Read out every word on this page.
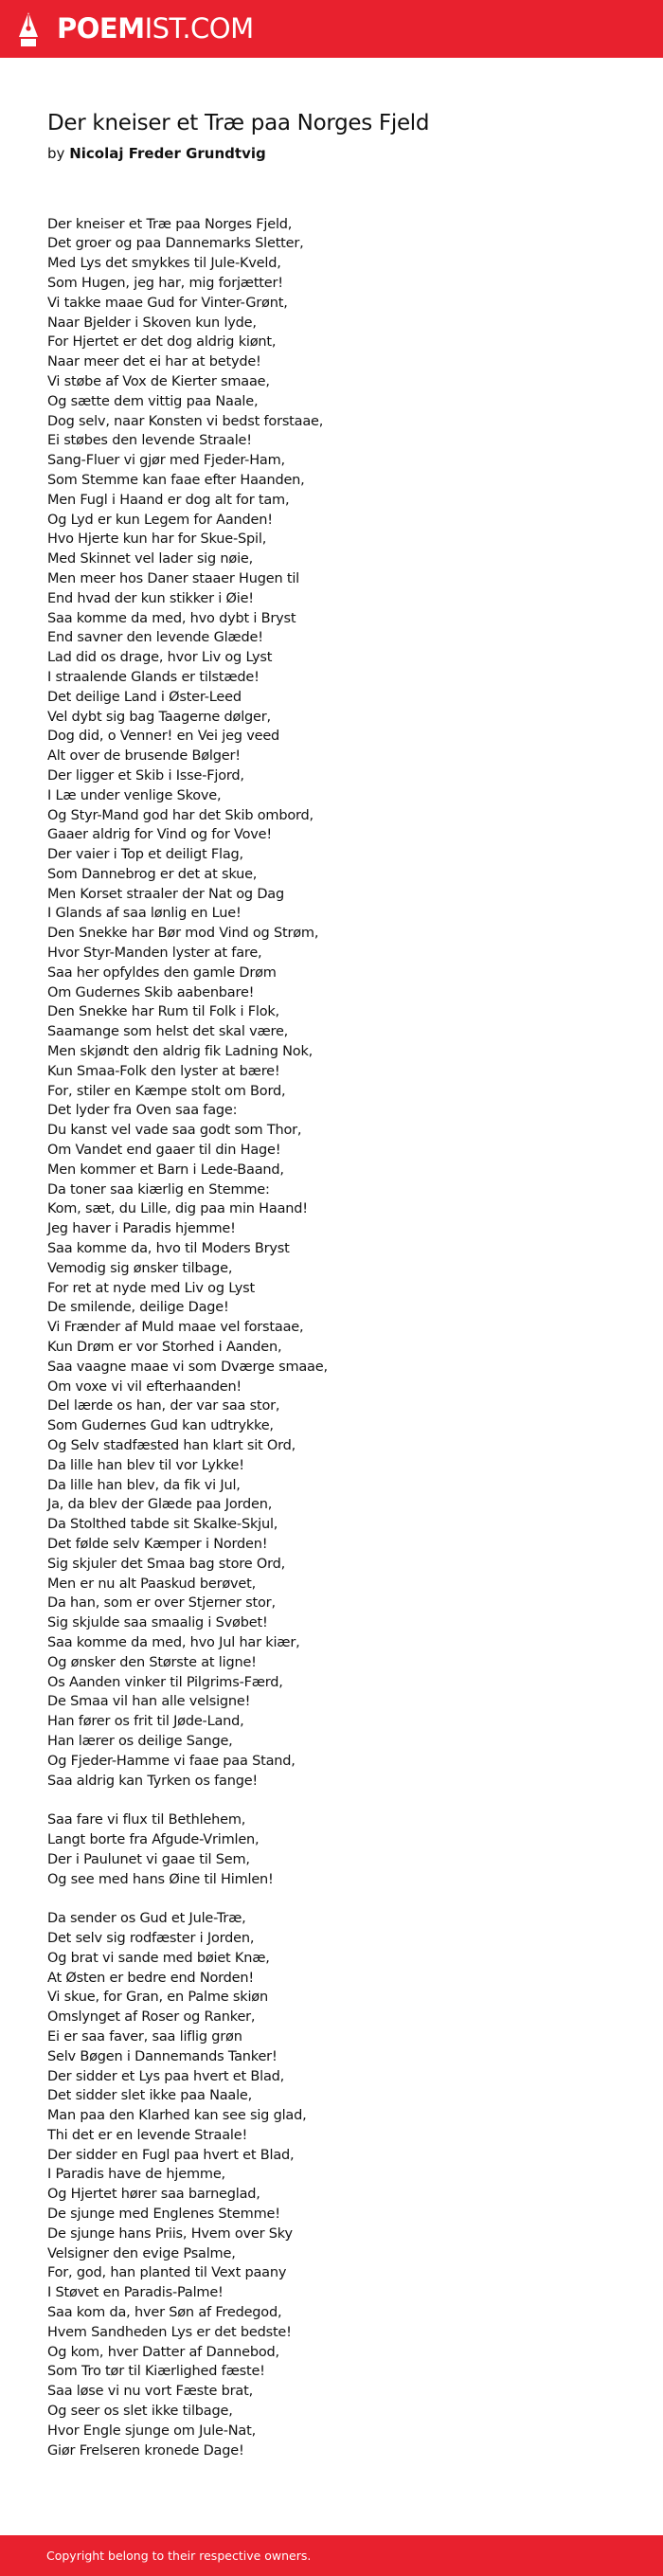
POEMIST.COM
Der kneiser et Træ paa Norges Fjeld
by Nicolaj Freder Grundtvig
Der kneiser et Træ paa Norges Fjeld,
Det groer og paa Dannemarks Sletter,
Med Lys det smykkes til Jule-Kveld,
Som Hugen, jeg har, mig forjætter!
Vi takke maae Gud for Vinter-Grønt,
Naar Bjelder i Skoven kun lyde,
For Hjertet er det dog aldrig kiønt,
Naar meer det ei har at betyde!
Vi støbe af Vox de Kierter smaae,
Og sætte dem vittig paa Naale,
Dog selv, naar Konsten vi bedst forstaae,
Ei støbes den levende Straale!
Sang-Fluer vi gjør med Fjeder-Ham,
Som Stemme kan faae efter Haanden,
Men Fugl i Haand er dog alt for tam,
Og Lyd er kun Legem for Aanden!
Hvo Hjerte kun har for Skue-Spil,
Med Skinnet vel lader sig nøie,
Men meer hos Daner staaer Hugen til
End hvad der kun stikker i Øie!
Saa komme da med, hvo dybt i Bryst
End savner den levende Glæde!
Lad did os drage, hvor Liv og Lyst
I straalende Glands er tilstæde!
Det deilige Land i Øster-Leed
Vel dybt sig bag Taagerne dølger,
Dog did, o Venner! en Vei jeg veed
Alt over de brusende Bølger!
Der ligger et Skib i Isse-Fjord,
I Læ under venlige Skove,
Og Styr-Mand god har det Skib ombord,
Gaaer aldrig for Vind og for Vove!
Der vaier i Top et deiligt Flag,
Som Dannebrog er det at skue,
Men Korset straaler der Nat og Dag
I Glands af saa lønlig en Lue!
Den Snekke har Bør mod Vind og Strøm,
Hvor Styr-Manden lyster at fare,
Saa her opfyldes den gamle Drøm
Om Gudernes Skib aabenbare!
Den Snekke har Rum til Folk i Flok,
Saamange som helst det skal være,
Men skjøndt den aldrig fik Ladning Nok,
Kun Smaa-Folk den lyster at bære!
For, stiler en Kæmpe stolt om Bord,
Det lyder fra Oven saa fage:
Du kanst vel vade saa godt som Thor,
Om Vandet end gaaer til din Hage!
Men kommer et Barn i Lede-Baand,
Da toner saa kiærlig en Stemme:
Kom, sæt, du Lille, dig paa min Haand!
Jeg haver i Paradis hjemme!
Saa komme da, hvo til Moders Bryst
Vemodig sig ønsker tilbage,
For ret at nyde med Liv og Lyst
De smilende, deilige Dage!
Vi Frænder af Muld maae vel forstaae,
Kun Drøm er vor Storhed i Aanden,
Saa vaagne maae vi som Dværge smaae,
Om voxe vi vil efterhaanden!
Del lærde os han, der var saa stor,
Som Gudernes Gud kan udtrykke,
Og Selv stadfæsted han klart sit Ord,
Da lille han blev til vor Lykke!
Da lille han blev, da fik vi Jul,
Ja, da blev der Glæde paa Jorden,
Da Stolthed tabde sit Skalke-Skjul,
Det følde selv Kæmper i Norden!
Sig skjuler det Smaa bag store Ord,
Men er nu alt Paaskud berøvet,
Da han, som er over Stjerner stor,
Sig skjulde saa smaalig i Svøbet!
Saa komme da med, hvo Jul har kiær,
Og ønsker den Største at ligne!
Os Aanden vinker til Pilgrims-Færd,
De Smaa vil han alle velsigne!
Han fører os frit til Jøde-Land,
Han lærer os deilige Sange,
Og Fjeder-Hamme vi faae paa Stand,
Saa aldrig kan Tyrken os fange!
Saa fare vi flux til Bethlehem,
Langt borte fra Afgude-Vrimlen,
Der i Paulunet vi gaae til Sem,
Og see med hans Øine til Himlen!
Da sender os Gud et Jule-Træ,
Det selv sig rodfæster i Jorden,
Og brat vi sande med bøiet Knæ,
At Østen er bedre end Norden!
Vi skue, for Gran, en Palme skiøn
Omslynget af Roser og Ranker,
Ei er saa faver, saa liflig grøn
Selv Bøgen i Dannemands Tanker!
Der sidder et Lys paa hvert et Blad,
Det sidder slet ikke paa Naale,
Man paa den Klarhed kan see sig glad,
Thi det er en levende Straale!
Der sidder en Fugl paa hvert et Blad,
I Paradis have de hjemme,
Og Hjertet hører saa barneglad,
De sjunge med Englenes Stemme!
De sjunge hans Priis, Hvem over Sky
Velsigner den evige Psalme,
For, god, han planted til Vext paany
I Støvet en Paradis-Palme!
Saa kom da, hver Søn af Fredegod,
Hvem Sandheden Lys er det bedste!
Og kom, hver Datter af Dannebod,
Som Tro tør til Kiærlighed fæste!
Saa løse vi nu vort Fæste brat,
Og seer os slet ikke tilbage,
Hvor Engle sjunge om Jule-Nat,
Giør Frelseren kronede Dage!
Copyright belong to their respective owners.
